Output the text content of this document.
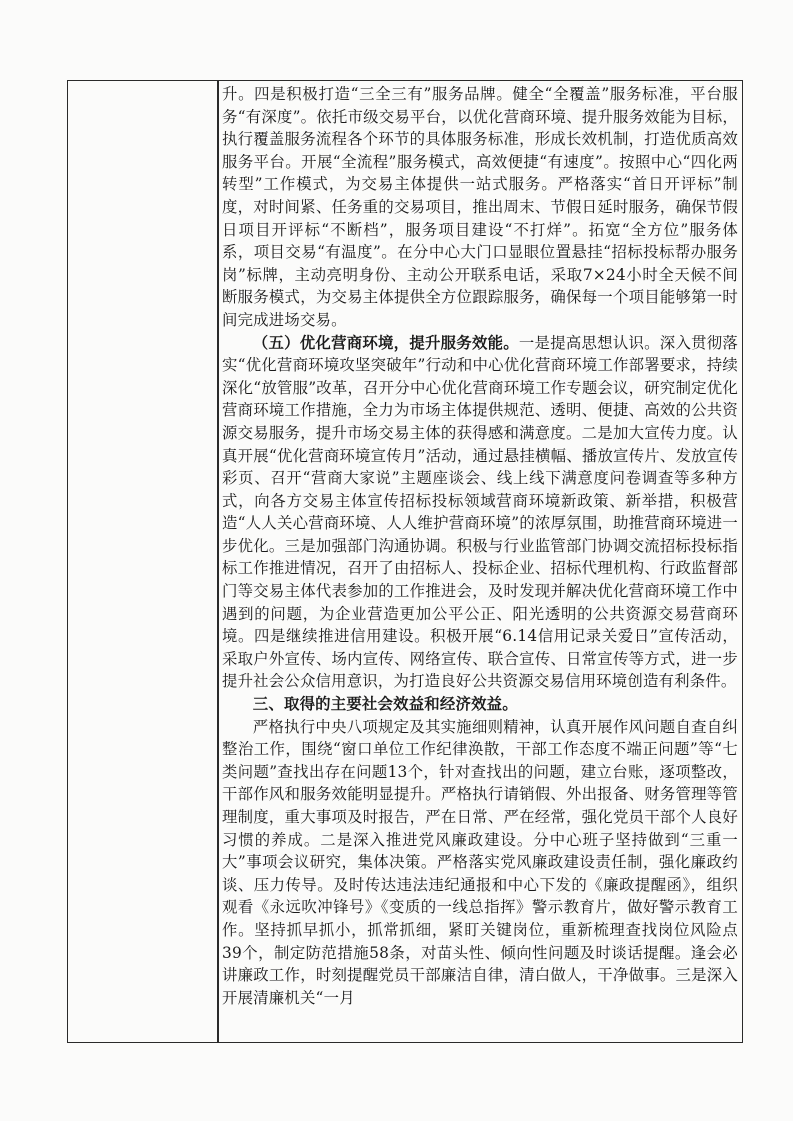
升。四是积极打造“三全三有”服务品牌。健全“全覆盖”服务标准，平台服务“有深度”。依托市级交易平台，以优化营商环境、提升服务效能为目标，执行覆盖服务流程各个环节的具体服务标准，形成长效机制，打造优质高效服务平台。开展“全流程”服务模式，高效便捷“有速度”。按照中心“四化两转型”工作模式，为交易主体提供一站式服务。严格落实“首日开评标”制度，对时间紧、任务重的交易项目，推出周末、节假日延时服务，确保节假日项目开评标“不断档”，服务项目建设“不打烊”。拓宽“全方位”服务体系，项目交易“有温度”。在分中心大门口显眼位置悬挂“招标投标帮办服务岗”标牌，主动亮明身份、主动公开联系电话，采取7×24小时全天候不间断服务模式，为交易主体提供全方位跟踪服务，确保每一个项目能够第一时间完成进场交易。

（五）优化营商环境，提升服务效能。一是提高思想认识。深入贯彻落实“优化营商环境攻坚突破年”行动和中心优化营商环境工作部署要求，持续深化“放管服”改革，召开分中心优化营商环境工作专题会议，研究制定优化营商环境工作措施，全力为市场主体提供规范、透明、便捷、高效的公共资源交易服务，提升市场交易主体的获得感和满意度。二是加大宣传力度。认真开展“优化营商环境宣传月”活动，通过悬挂横幅、播放宣传片、发放宣传彩页、召开“营商大家说”主题座谈会、线上线下满意度问卷调查等多种方式，向各方交易主体宣传招标投标领域营商环境新政策、新举措，积极营造“人人关心营商环境、人人维护营商环境”的浓厚氛围，助推营商环境进一步优化。三是加强部门沟通协调。积极与行业监管部门协调交流招标投标指标工作推进情况，召开了由招标人、投标企业、招标代理机构、行政监督部门等交易主体代表参加的工作推进会，及时发现并解决优化营商环境工作中遇到的问题，为企业营造更加公平公正、阳光透明的公共资源交易营商环境。四是继续推进信用建设。积极开展“6.14信用记录关爱日”宣传活动，采取户外宣传、场内宣传、网络宣传、联合宣传、日常宣传等方式，进一步提升社会公众信用意识，为打造良好公共资源交易信用环境创造有利条件。

三、取得的主要社会效益和经济效益。

严格执行中央八项规定及其实施细则精神，认真开展作风问题自查自纠整治工作，围绕“窗口单位工作纪律涣散，干部工作态度不端正问题”等“七类问题”查找出存在问题13个，针对查找出的问题，建立台账，逐项整改，干部作风和服务效能明显提升。严格执行请销假、外出报备、财务管理等管理制度，重大事项及时报告，严在日常、严在经常，强化党员干部个人良好习惯的养成。二是深入推进党风廉政建设。分中心班子坚持做到“三重一大”事项会议研究，集体决策。严格落实党风廉政建设责任制，强化廉政约谈、压力传导。及时传达违法违纪通报和中心下发的《廉政提醒函》，组织观看《永远吹冲锋号》《变质的一线总指挥》警示教育片，做好警示教育工作。坚持抓早抓小，抓常抓细，紧盯关键岗位，重新梳理查找岗位风险点39个，制定防范措施58条，对苗头性、倾向性问题及时谈话提醒。逢会必讲廉政工作，时刻提醒党员干部廉洁自律，清白做人，干净做事。三是深入开展清廉机关“一月
